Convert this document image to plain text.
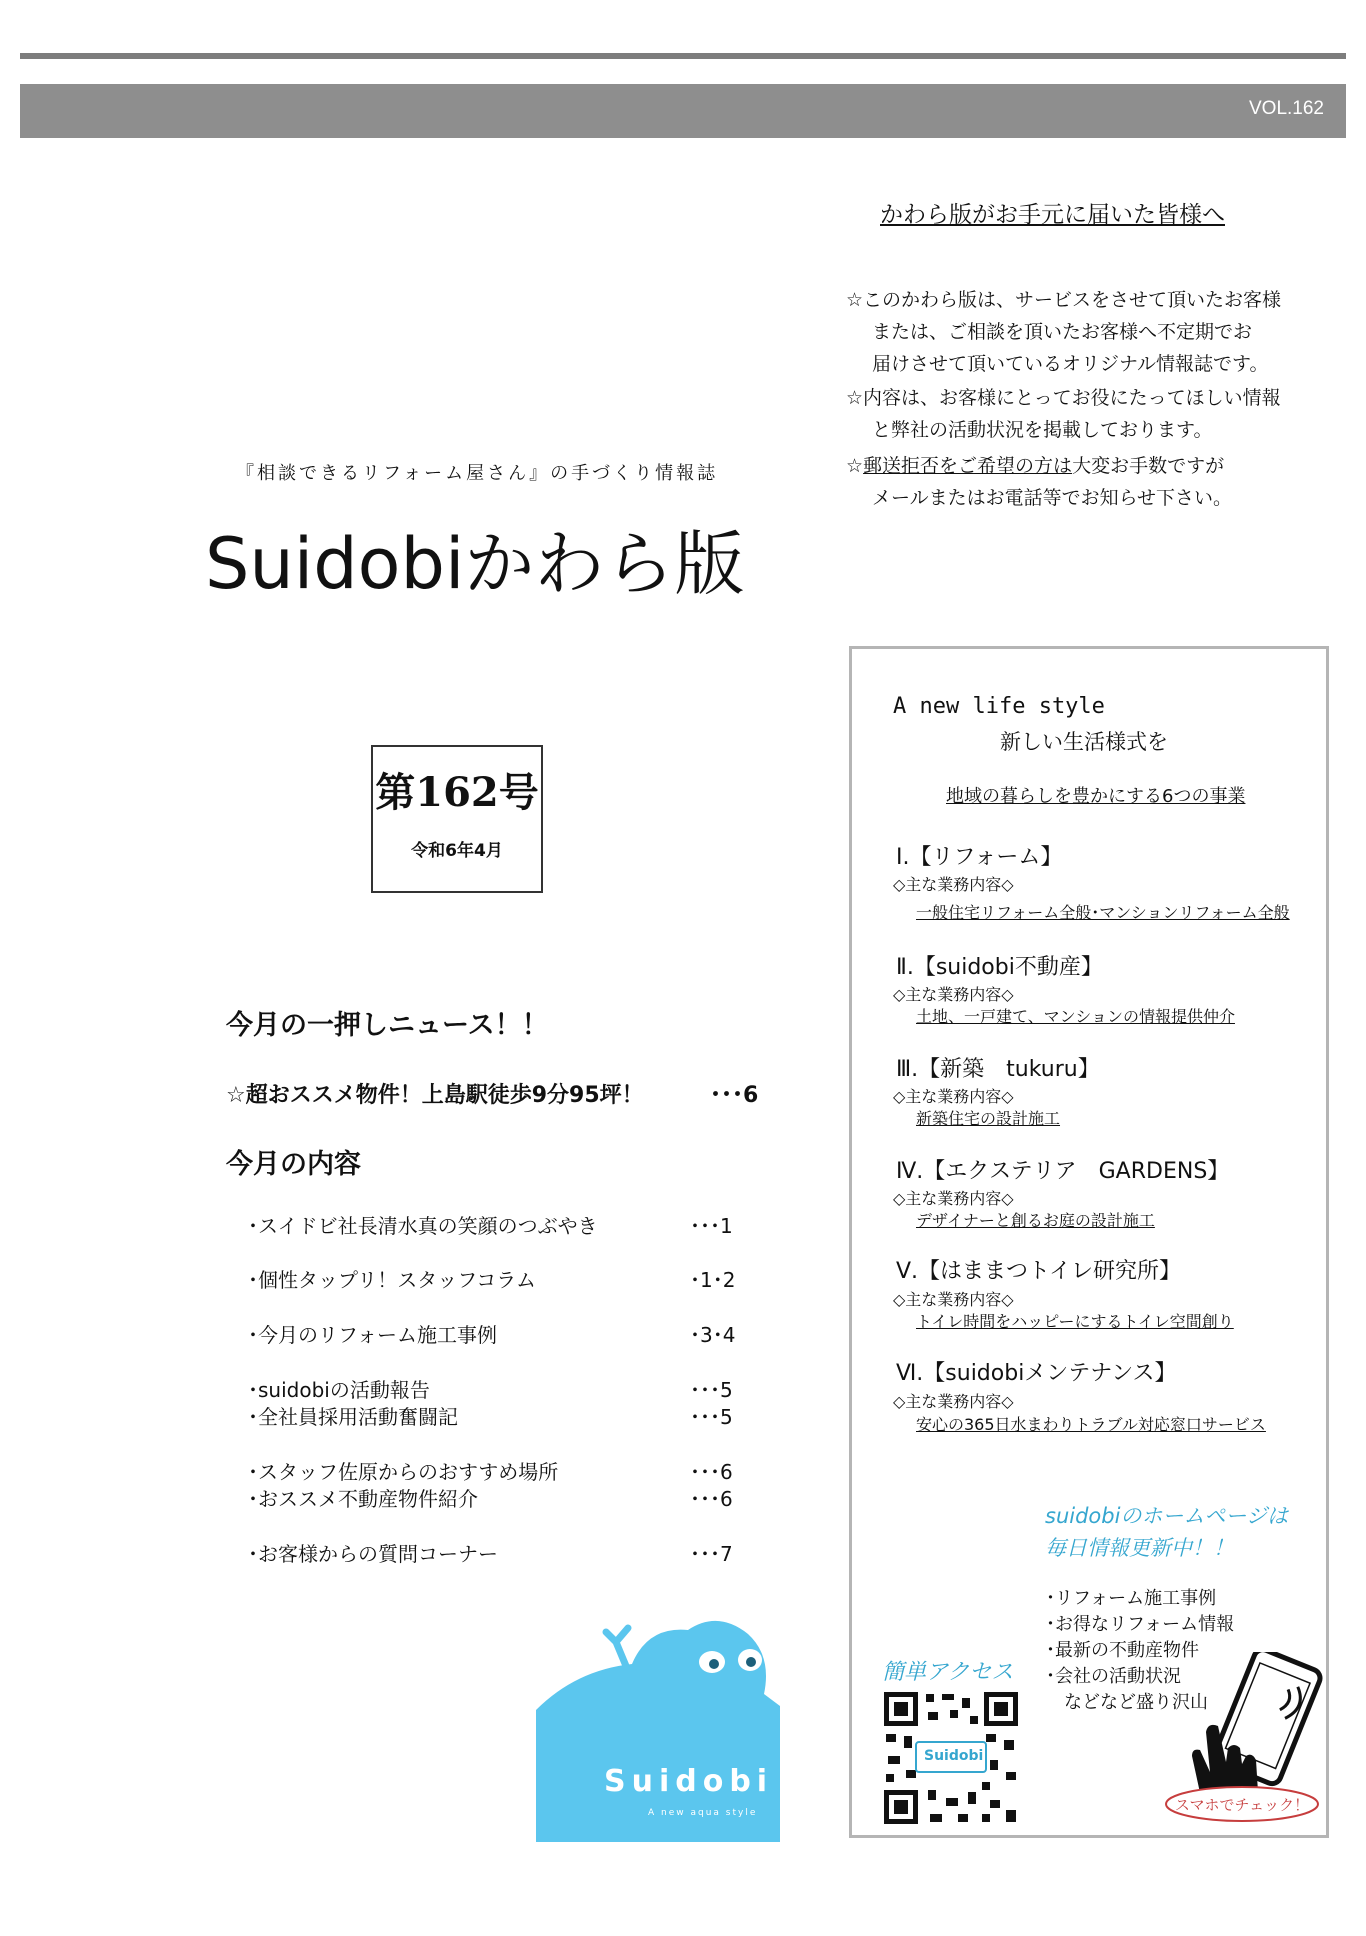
VOL.162
かわら版がお手元に届いた皆様へ

☆このかわら版は、サービスをさせて頂いたお客様

または、ご相談を頂いたお客様へ不定期でお

届けさせて頂いているオリジナル情報誌です。

☆内容は、お客様にとってお役にたってほしい情報

と弊社の活動状況を掲載しております。

☆郵送拒否をご希望の方は大変お手数ですが

メールまたはお電話等でお知らせ下さい。

『相談できるリフォーム屋さん』の手づくり情報誌
Suidobiかわら版
第162号
令和6年4月
今月の一押しニュース！！
☆超おススメ物件！上島駅徒歩9分95坪！	･･･6
今月の内容
･スイドビ社長清水真の笑顔のつぶやき	･･･1
･個性タップリ！スタッフコラム	･1･2
･今月のリフォーム施工事例	･3･4
･suidobiの活動報告	･･･5
･全社員採用活動奮闘記	･･･5
･スタッフ佐原からのおすすめ場所	･･･6
･おススメ不動産物件紹介	･･･6
･お客様からの質問コーナー	･･･7
Suidobi
A new aqua style
A new life style
新しい生活様式を
地域の暮らしを豊かにする6つの事業
Ⅰ.【リフォーム】
◇主な業務内容◇
一般住宅リフォーム全般･マンションリフォーム全般
Ⅱ.【suidobi不動産】
◇主な業務内容◇
土地、一戸建て、マンションの情報提供仲介
Ⅲ.【新築　tukuru】
◇主な業務内容◇
新築住宅の設計施工
Ⅳ.【エクステリア　GARDENS】
◇主な業務内容◇
デザイナーと創るお庭の設計施工
Ⅴ.【はままつトイレ研究所】
◇主な業務内容◇
トイレ時間をハッピーにするトイレ空間創り
Ⅵ.【suidobiメンテナンス】
◇主な業務内容◇
安心の365日水まわりトラブル対応窓口サービス
suidobiのホームページは
毎日情報更新中！！
･リフォーム施工事例
･お得なリフォーム情報
･最新の不動産物件
･会社の活動状況
　などなど盛り沢山
簡単アクセス
Suidobi
スマホでチェック！
